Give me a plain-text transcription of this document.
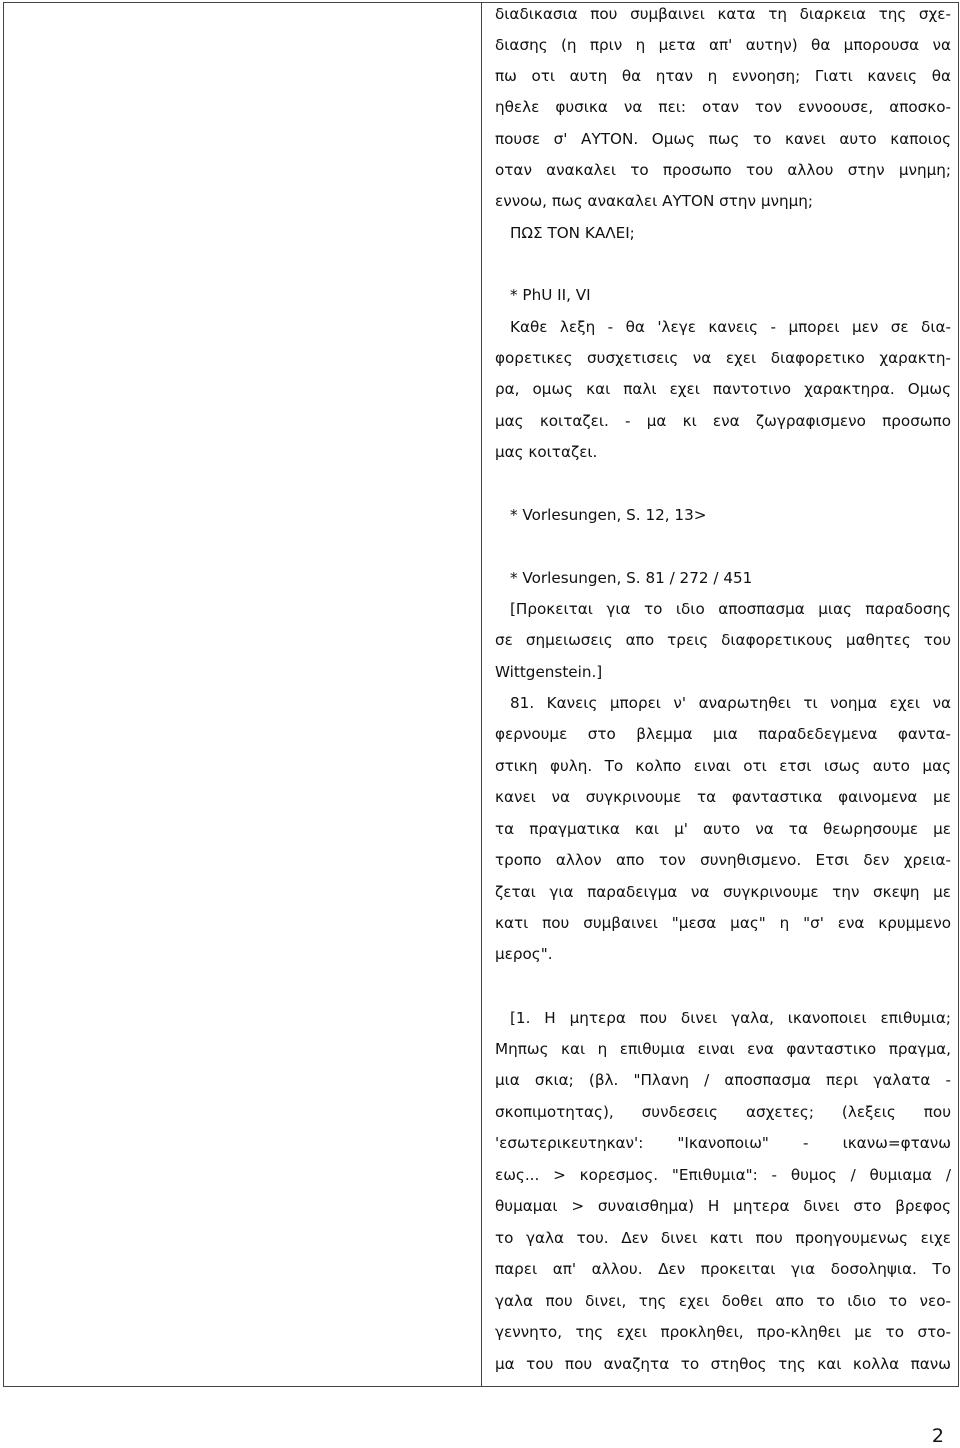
διαδικασια που συμβαινει κατα τη διαρκεια της σχε-
διασης (η πριν η μετα απ' αυτην) θα μπορουσα να
πω οτι αυτη θα ηταν η εννοηση; Γιατι κανεις θα
ηθελε φυσικα να πει: οταν τον εννοουσε, αποσκο-
πουσε σ' ΑΥΤΟΝ. Ομως πως το κανει αυτο καποιος
οταν ανακαλει το προσωπο του αλλου στην μνημη;
εννοω, πως ανακαλει ΑΥΤΟΝ στην μνημη;
ΠΩΣ ΤΟΝ ΚΑΛΕΙ;
* PhU II, VI
Καθε λεξη - θα 'λεγε κανεις - μπορει μεν σε δια-
φορετικες συσχετισεις να εχει διαφορετικο χαρακτη-
ρα, ομως και παλι εχει παντοτινο χαρακτηρα. Ομως
μας κοιταζει. - μα κι ενα ζωγραφισμενο προσωπο
μας κοιταζει.
* Vorlesungen, S. 12, 13>
* Vorlesungen, S. 81 / 272 / 451
[Προκειται για το ιδιο αποσπασμα μιας παραδοσης
σε σημειωσεις απο τρεις διαφορετικους μαθητες του
Wittgenstein.]
81. Κανεις μπορει ν' αναρωτηθει τι νοημα εχει να
φερνουμε στο βλεμμα μια παραδεδεγμενα φαντα-
στικη φυλη. Το κολπο ειναι οτι ετσι ισως αυτο μας
κανει να συγκρινουμε τα φανταστικα φαινομενα με
τα πραγματικα και μ' αυτο να τα θεωρησουμε με
τροπο αλλον απο τον συνηθισμενο. Ετσι δεν χρεια-
ζεται για παραδειγμα να συγκρινουμε την σκεψη με
κατι που συμβαινει "μεσα μας" η "σ' ενα κρυμμενο
μερος".
[1. Η μητερα που δινει γαλα, ικανοποιει επιθυμια;
Μηπως και η επιθυμια ειναι ενα φανταστικο πραγμα,
μια σκια; (βλ. "Πλανη / αποσπασμα περι γαλατα -
σκοπιμοτητας), συνδεσεις ασχετες; (λεξεις που
'εσωτερικευτηκαν': "Ικανοποιω" - ικανω=φτανω
εως... > κορεσμος. "Επιθυμια": - θυμος / θυμιαμα /
θυμαμαι > συναισθημα) Η μητερα δινει στο βρεφος
το γαλα του. Δεν δινει κατι που προηγουμενως ειχε
παρει απ' αλλου. Δεν προκειται για δοσοληψια. Το
γαλα που δινει, της εχει δοθει απο το ιδιο το νεο-
γεννητο, της εχει προκληθει, προ-κληθει με το στο-
μα του που αναζητα το στηθος της και κολλα πανω
2
